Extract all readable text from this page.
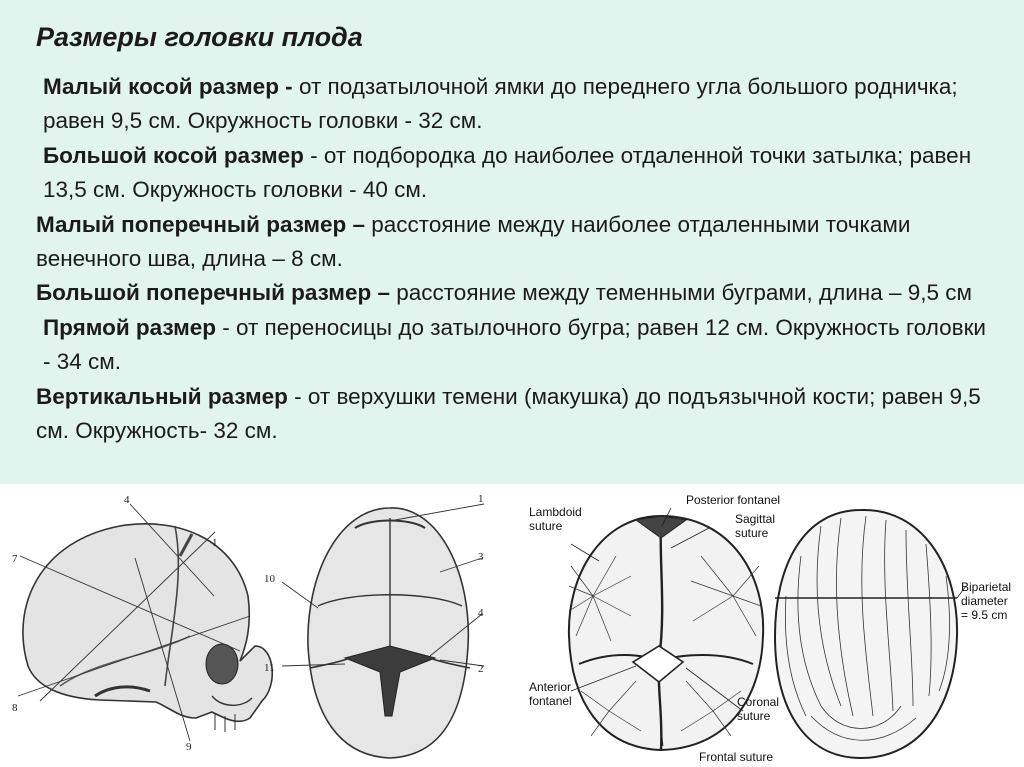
Размеры головки плода

Малый косой размер - от подзатылочной ямки до переднего угла большого родничка; равен 9,5 см. Окружность головки - 32 см.

Большой косой размер - от подбородка до наиболее отдаленной точки затылка; равен 13,5 см. Окружность головки - 40 см.

Малый поперечный размер – расстояние между наиболее отдаленными точками венечного шва, длина – 8 см.

Большой поперечный размер – расстояние между теменными буграми, длина – 9,5 см

Прямой размер - от переносицы до затылочного бугра; равен 12 см. Окружность головки - 34 см.

Вертикальный размер - от верхушки темени (макушка) до подъязычной кости; равен 9,5 см. Окружность- 32 см.

4
1
7
8
9
1
3
4
2
10
11
Posterior fontanel
Lambdoid
suture	Sagittal
suture
Biparietal
diameter
= 9.5 cm
Anterior
fontanel	Coronal
suture
Frontal suture
